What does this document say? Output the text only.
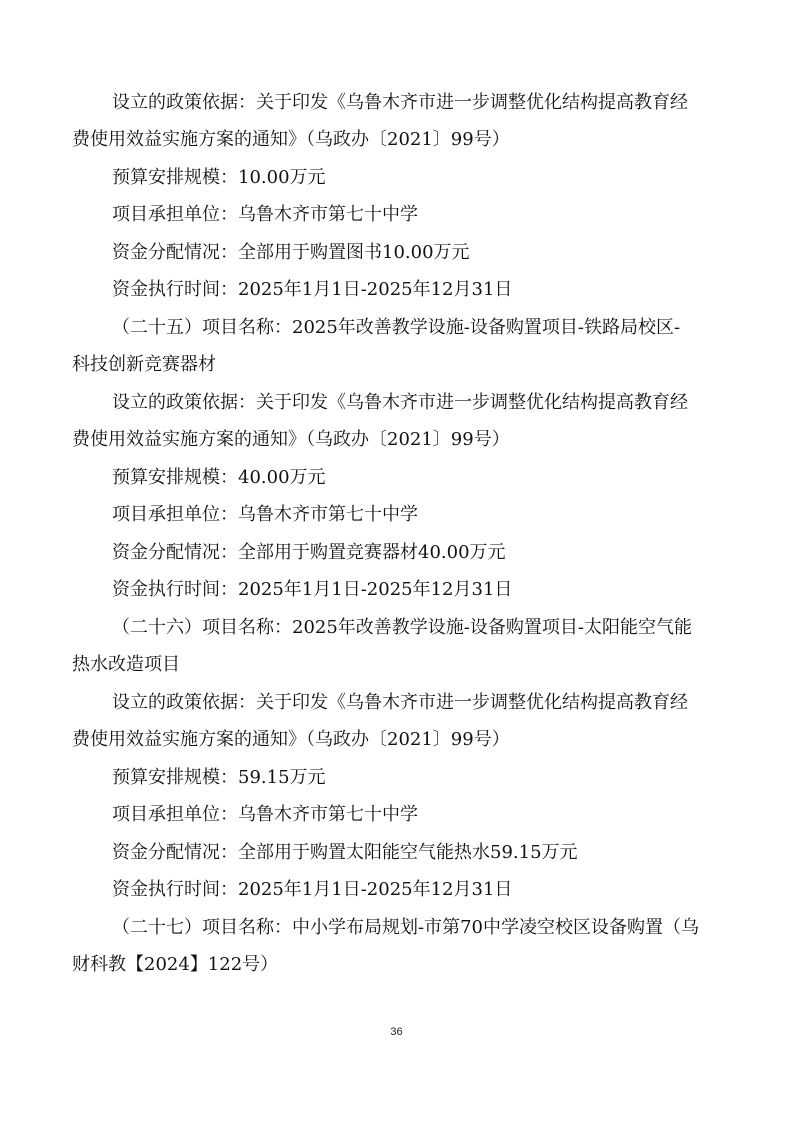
设立的政策依据：关于印发《乌鲁木齐市进一步调整优化结构提高教育经

费使用效益实施方案的通知》（乌政办〔2021〕99号）

预算安排规模：10.00万元

项目承担单位：乌鲁木齐市第七十中学

资金分配情况：全部用于购置图书10.00万元

资金执行时间：2025年1月1日-2025年12月31日

（二十五）项目名称：2025年改善教学设施-设备购置项目-铁路局校区-

科技创新竞赛器材

设立的政策依据：关于印发《乌鲁木齐市进一步调整优化结构提高教育经

费使用效益实施方案的通知》（乌政办〔2021〕99号）

预算安排规模：40.00万元

项目承担单位：乌鲁木齐市第七十中学

资金分配情况：全部用于购置竞赛器材40.00万元

资金执行时间：2025年1月1日-2025年12月31日

（二十六）项目名称：2025年改善教学设施-设备购置项目-太阳能空气能

热水改造项目

设立的政策依据：关于印发《乌鲁木齐市进一步调整优化结构提高教育经

费使用效益实施方案的通知》（乌政办〔2021〕99号）

预算安排规模：59.15万元

项目承担单位：乌鲁木齐市第七十中学

资金分配情况：全部用于购置太阳能空气能热水59.15万元

资金执行时间：2025年1月1日-2025年12月31日

（二十七）项目名称：中小学布局规划-市第70中学凌空校区设备购置（乌

财科教【2024】122号）

36
